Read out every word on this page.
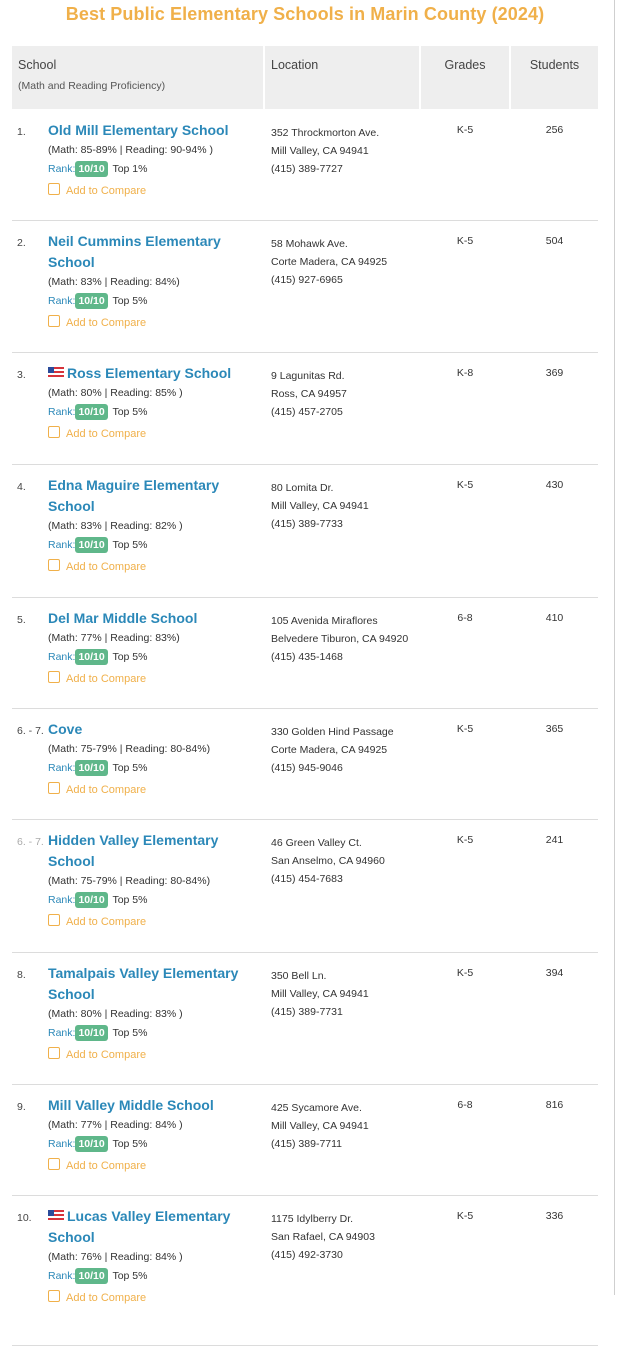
Best Public Elementary Schools in Marin County (2024)
School
(Math and Reading Proficiency)
Location	Grades	Students
1. Old Mill Elementary School
(Math: 85-89% | Reading: 90-94% )
Rank: 10/10 Top 1%
Add to Compare
352 Throckmorton Ave.
Mill Valley, CA 94941
(415) 389-7727
K-5	256
2. Neil Cummins Elementary School
(Math: 83% | Reading: 84%)
Rank: 10/10 Top 5%
Add to Compare
58 Mohawk Ave.
Corte Madera, CA 94925
(415) 927-6965
K-5	504
3.	Ross Elementary School
(Math: 80% | Reading: 85% )
Rank: 10/10 Top 5%
Add to Compare
9 Lagunitas Rd.
Ross, CA 94957
(415) 457-2705
K-8	369
4. Edna Maguire Elementary School
(Math: 83% | Reading: 82% )
Rank: 10/10 Top 5%
Add to Compare
80 Lomita Dr.
Mill Valley, CA 94941
(415) 389-7733
K-5	430
5. Del Mar Middle School
(Math: 77% | Reading: 83%)
Rank: 10/10 Top 5%
Add to Compare
105 Avenida Miraflores
Belvedere Tiburon, CA 94920
(415) 435-1468
6-8	410
6. - 7. Cove
(Math: 75-79% | Reading: 80-84%)
Rank: 10/10 Top 5%
Add to Compare
330 Golden Hind Passage
Corte Madera, CA 94925
(415) 945-9046
K-5	365
6. - 7. Hidden Valley Elementary School
(Math: 75-79% | Reading: 80-84%)
Rank: 10/10 Top 5%
Add to Compare
46 Green Valley Ct.
San Anselmo, CA 94960
(415) 454-7683
K-5	241
8. Tamalpais Valley Elementary School
(Math: 80% | Reading: 83% )
Rank: 10/10 Top 5%
Add to Compare
350 Bell Ln.
Mill Valley, CA 94941
(415) 389-7731
K-5	394
9. Mill Valley Middle School
(Math: 77% | Reading: 84% )
Rank: 10/10 Top 5%
Add to Compare
425 Sycamore Ave.
Mill Valley, CA 94941
(415) 389-7711
6-8	816
10.	Lucas Valley Elementary School
(Math: 76% | Reading: 84% )
Rank: 10/10 Top 5%
Add to Compare
1175 Idylberry Dr.
San Rafael, CA 94903
(415) 492-3730
K-5	336
